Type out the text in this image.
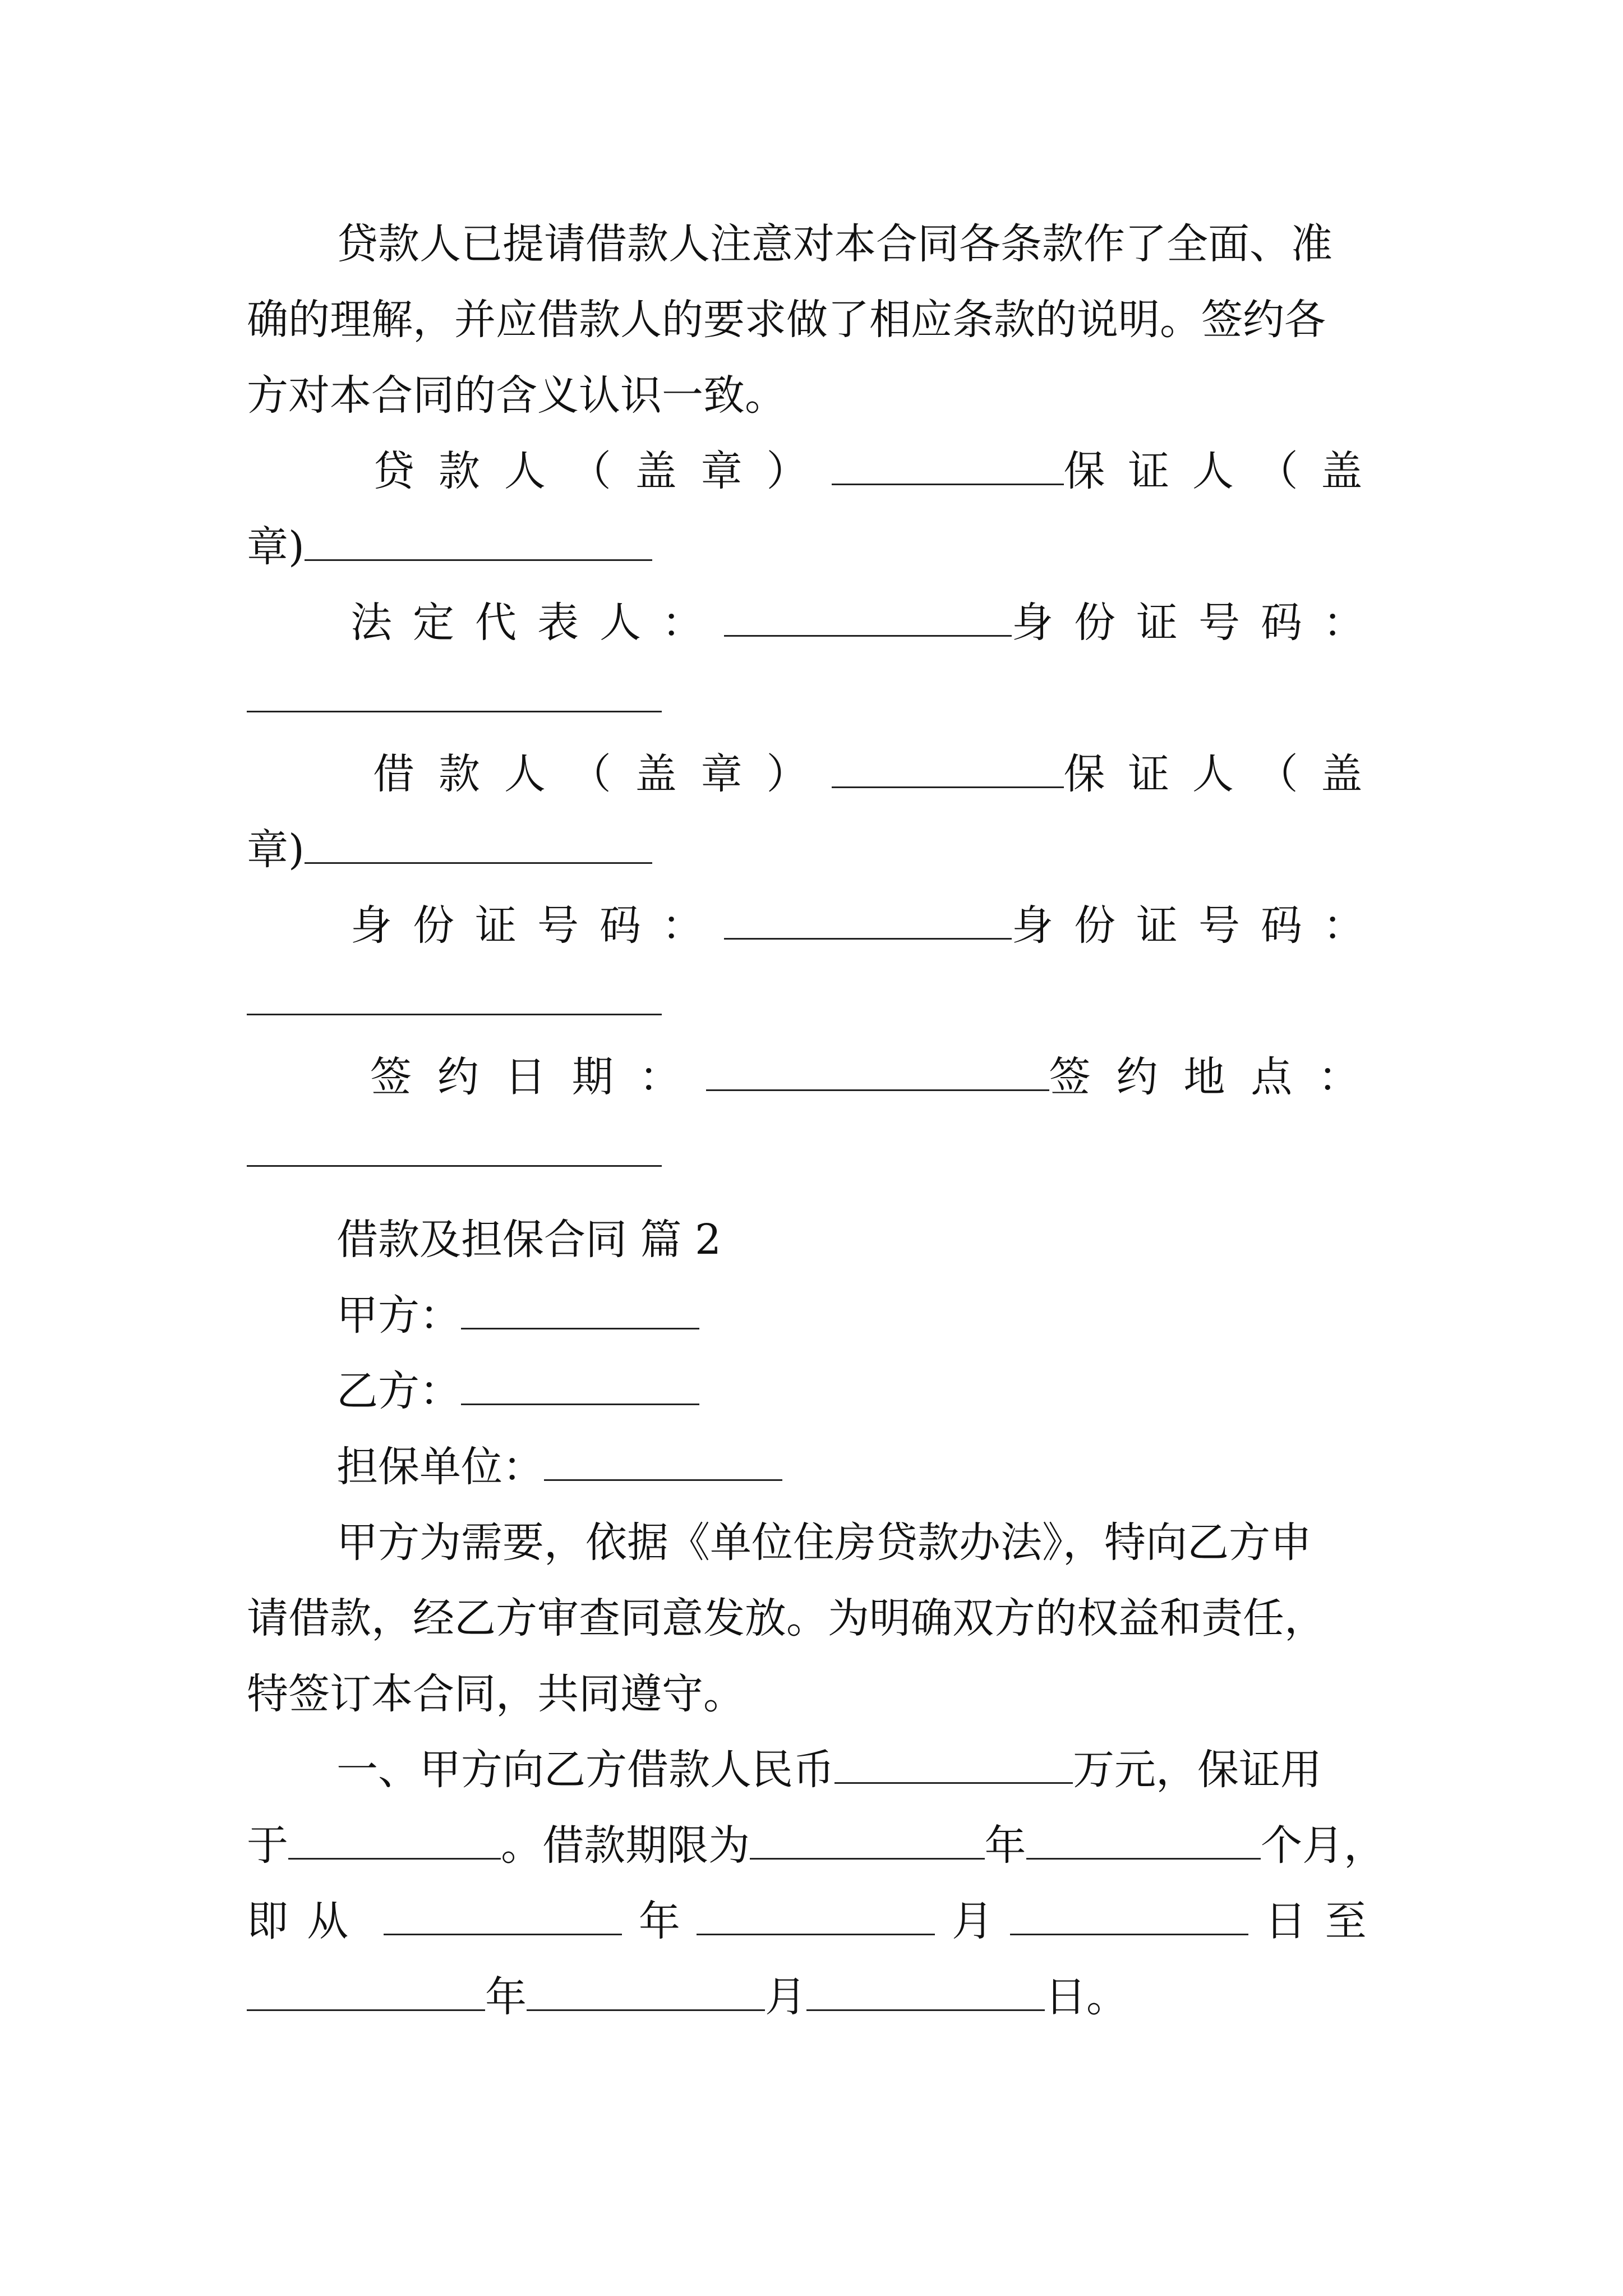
贷款人已提请借款人注意对本合同各条款作了全面、准
确的理解，并应借款人的要求做了相应条款的说明。签约各
方对本合同的含义认识一致。
贷款人（盖章）	保证人（盖
章)
法定代表人：	身份证号码：
借款人（盖章）	保证人（盖
章)
身份证号码：	身份证号码：
签约日期：	签约地点：
借款及担保合同 篇 2
甲方：
乙方：
担保单位：
甲方为需要，依据《单位住房贷款办法》，特向乙方申
请借款，经乙方审查同意发放。为明确双方的权益和责任，
特签订本合同，共同遵守。
一、甲方向乙方借款人民币	万元，保证用
于	。借款期限为	年	个月，
即从	年	月	日至
年	月	日。
